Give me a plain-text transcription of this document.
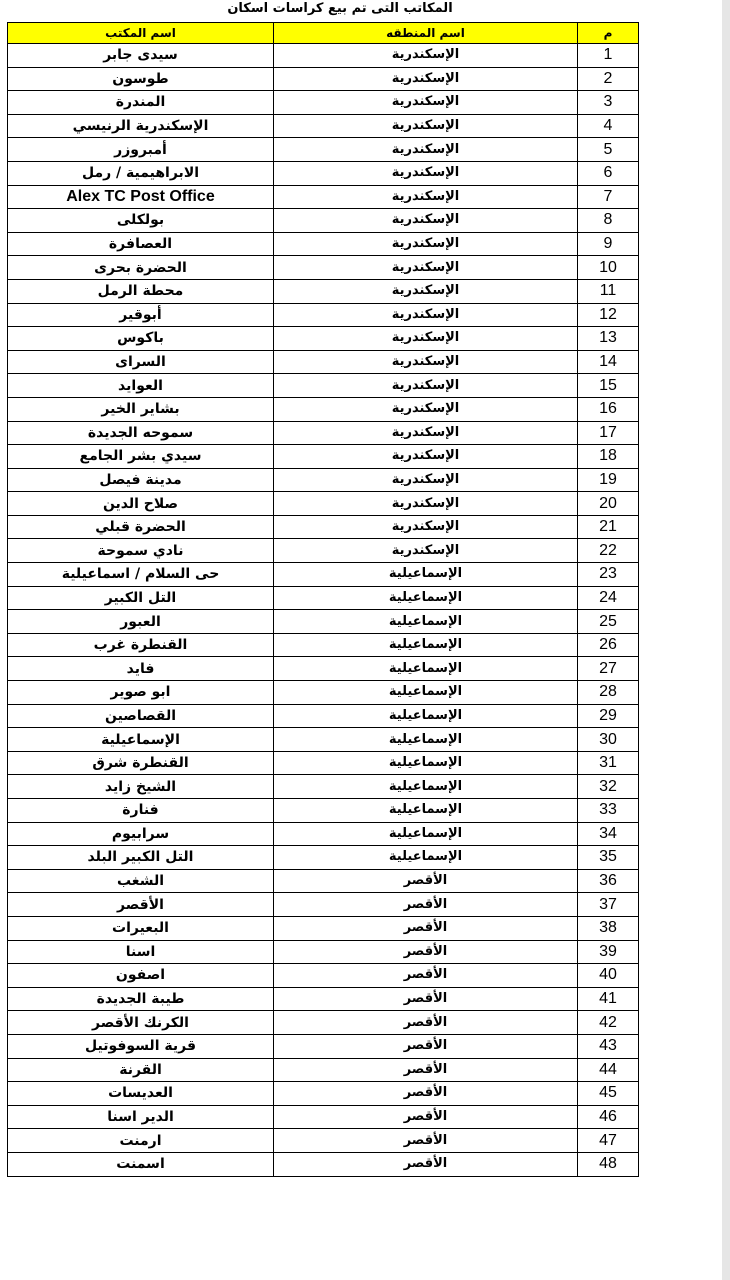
المكاتب التى تم بيع كراسات اسكان
اسم المكتب	اسم المنطقه	م
سيدى جابر	الإسكندرية	1
طوسون	الإسكندرية	2
المندرة	الإسكندرية	3
الإسكندرية الرنيسي	الإسكندرية	4
أمبروزر	الإسكندرية	5
الابراهيمية / رمل	الإسكندرية	6
Alex TC Post Office	الإسكندرية	7
بولكلى	الإسكندرية	8
العصافرة	الإسكندرية	9
الحضرة بحرى	الإسكندرية	10
محطة الرمل	الإسكندرية	11
أبوقير	الإسكندرية	12
باكوس	الإسكندرية	13
السراى	الإسكندرية	14
العوايد	الإسكندرية	15
بشاير الخير	الإسكندرية	16
سموحه الجديدة	الإسكندرية	17
سيدي بشر الجامع	الإسكندرية	18
مدينة فيصل	الإسكندرية	19
صلاح الدين	الإسكندرية	20
الحضرة قبلي	الإسكندرية	21
نادي سموحة	الإسكندرية	22
حى السلام / اسماعيلية	الإسماعيلية	23
التل الكبير	الإسماعيلية	24
العبور	الإسماعيلية	25
القنطرة غرب	الإسماعيلية	26
فايد	الإسماعيلية	27
ابو صوير	الإسماعيلية	28
القصاصين	الإسماعيلية	29
الإسماعيلية	الإسماعيلية	30
القنطرة شرق	الإسماعيلية	31
الشيخ زايد	الإسماعيلية	32
فنارة	الإسماعيلية	33
سرابيوم	الإسماعيلية	34
التل الكبير البلد	الإسماعيلية	35
الشغب	الأقصر	36
الأقصر	الأقصر	37
البعيرات	الأقصر	38
اسنا	الأقصر	39
اصفون	الأقصر	40
طيبة الجديدة	الأقصر	41
الكرنك الأقصر	الأقصر	42
قرية السوفوتيل	الأقصر	43
القرنة	الأقصر	44
العديسات	الأقصر	45
الدير اسنا	الأقصر	46
ارمنت	الأقصر	47
اسمنت	الأقصر	48
